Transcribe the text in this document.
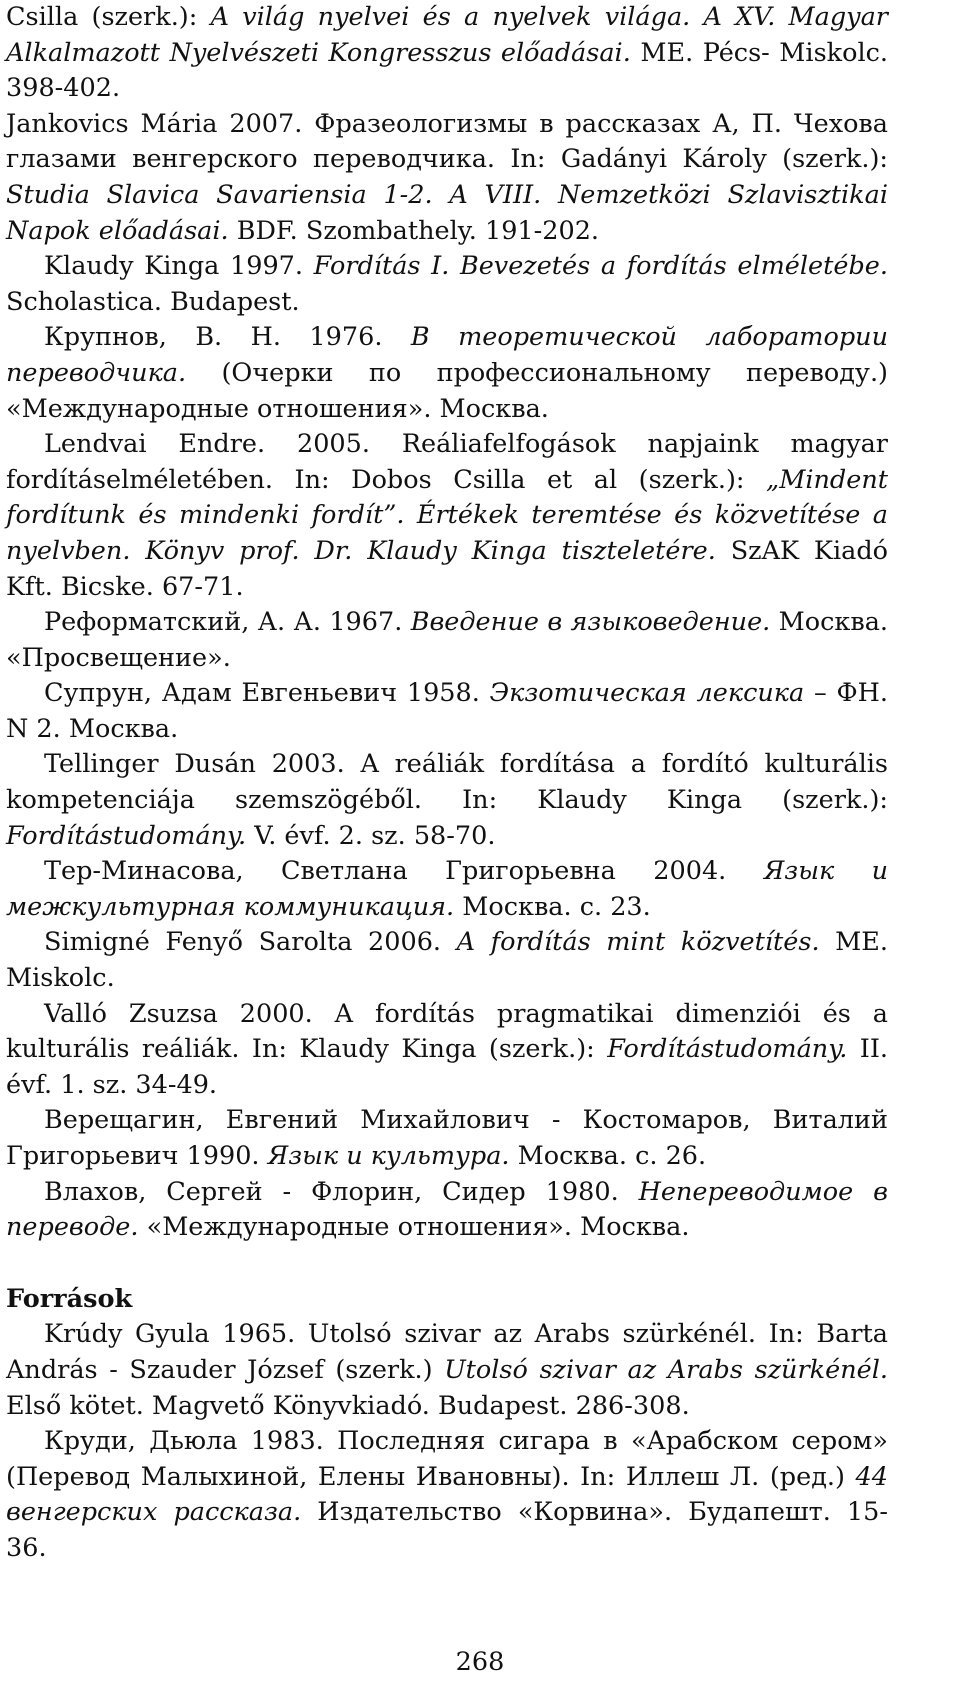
Csilla (szerk.): A világ nyelvei és a nyelvek világa. A XV. Magyar Alkalmazott Nyelvészeti Kongresszus előadásai. ME. Pécs- Miskolc. 398-402.

Jankovics Mária 2007. Фразеологизмы в рассказах А, П. Чехова глазами венгерского переводчика. In: Gadányi Károly (szerk.): Studia Slavica Savariensia 1-2. A VIII. Nemzetközi Szlavisztikai Napok előadásai. BDF. Szombathely. 191-202.

Klaudy Kinga 1997. Fordítás I. Bevezetés a fordítás elméletébe. Scholastica. Budapest.

Крупнов, В. Н. 1976. В теоретической лаборатории переводчика. (Очерки по профессиональному переводу.) «Международные отношения». Москва.

Lendvai Endre. 2005. Reáliafelfogások napjaink magyar fordításelméletében. In: Dobos Csilla et al (szerk.): „Mindent fordítunk és mindenki fordít”. Értékek teremtése és közvetítése a nyelvben. Könyv prof. Dr. Klaudy Kinga tiszteletére. SzAK Kiadó Kft. Bicske. 67-71.

Реформатский, А. А. 1967. Введение в языковедение. Москва. «Просвещение».

Супрун, Адам Евгеньевич 1958. Экзотическая лексика – ФН. N 2. Москва.

Tellinger Dusán 2003. A reáliák fordítása a fordító kulturális kompetenciája szemszögéből. In: Klaudy Kinga (szerk.): Fordítástudomány. V. évf. 2. sz. 58-70.

Тер-Минасова, Светлана Григорьевна 2004. Язык и межкультурная коммуникация. Москва. с. 23.

Simigné Fenyő Sarolta 2006. A fordítás mint közvetítés. ME. Miskolc.

Valló Zsuzsa 2000. A fordítás pragmatikai dimenziói és a kulturális reáliák. In: Klaudy Kinga (szerk.): Fordítástudomány. II. évf. 1. sz. 34-49.

Верещагин, Евгений Михайлович - Костомаров, Виталий Григорьевич 1990. Язык и культура. Москва. с. 26.

Влахов, Сергей - Флорин, Сидер 1980. Непереводимое в переводе. «Международные отношения». Москва.

Források

Krúdy Gyula 1965. Utolsó szivar az Arabs szürkénél. In: Barta András - Szauder József (szerk.) Utolsó szivar az Arabs szürkénél. Első kötet. Magvető Könyvkiadó. Budapest. 286-308.

Круди, Дьюла 1983. Последняя сигара в «Арабском сером» (Перевод Малыхиной, Елены Ивановны). In: Иллеш Л. (ред.) 44 венгерских рассказа. Издательство «Корвина». Будапешт. 15- 36.

268
